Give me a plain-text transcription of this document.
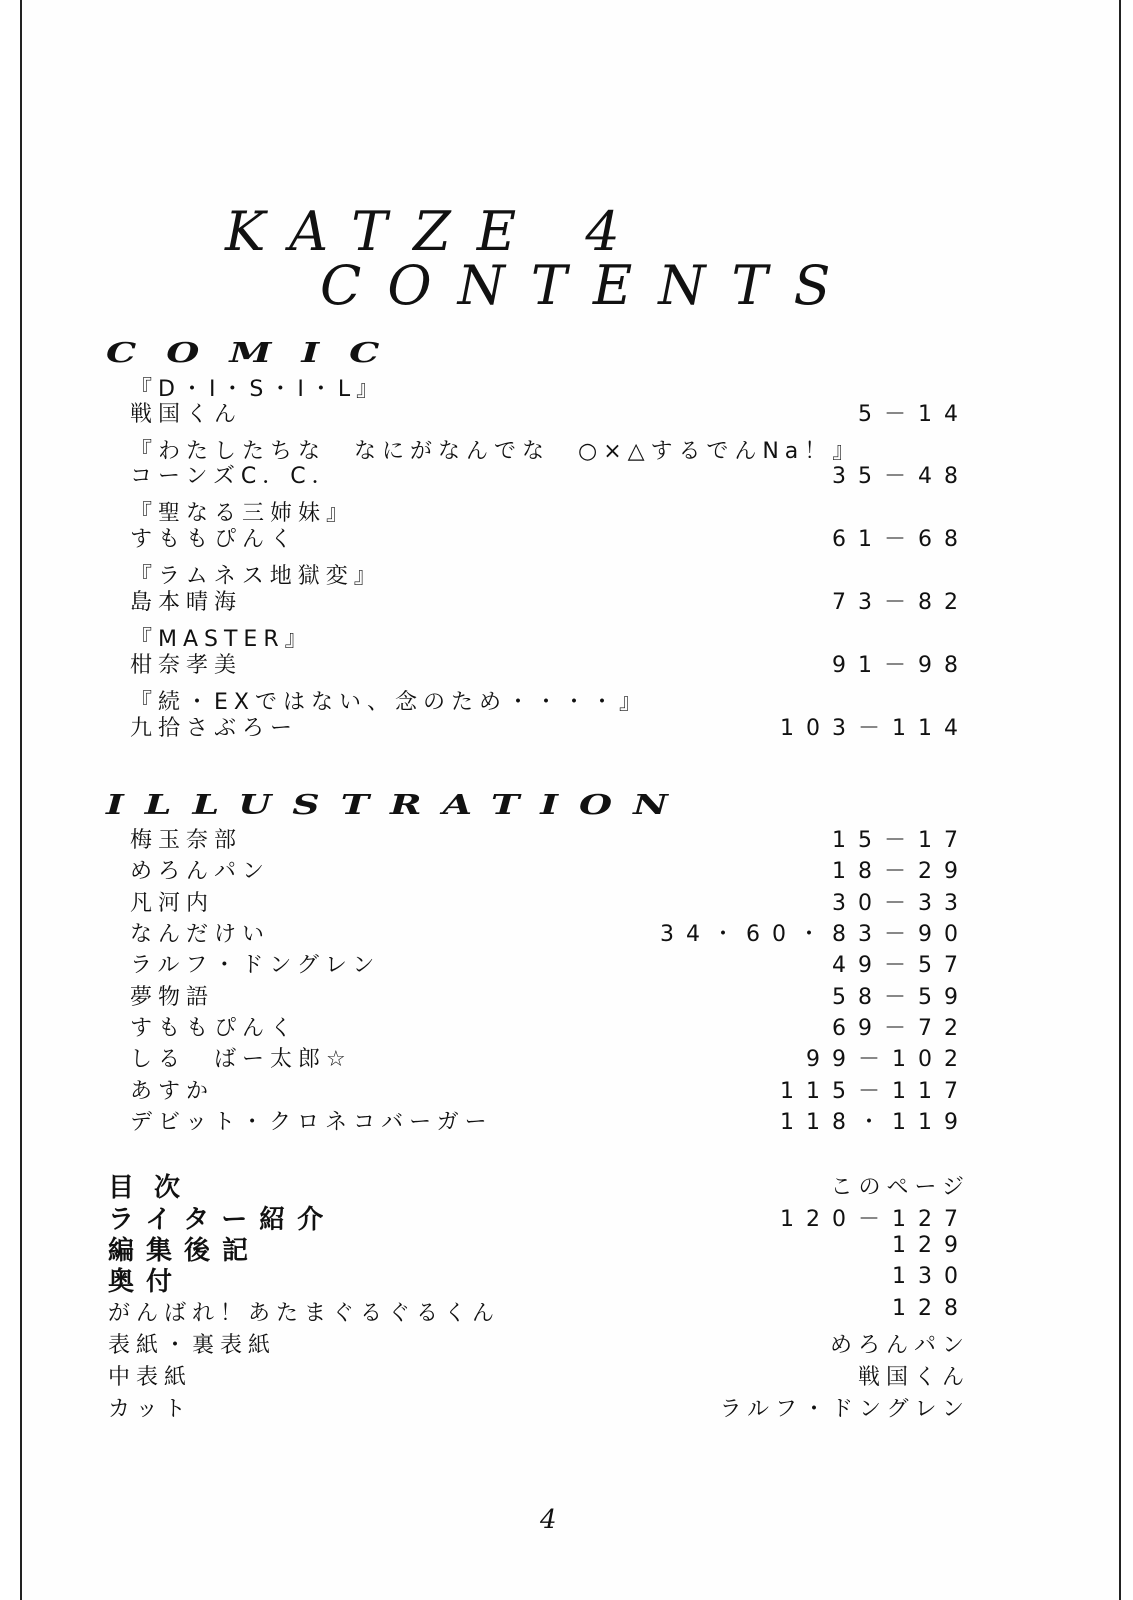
KATZE 4
CONTENTS
COMIC
『D・I・S・I・L』
戦国くん	5－14
『わたしたちな　なにがなんでな　○×△するでんNa！』
コーンズC．C．	35－48
『聖なる三姉妹』
すももぴんく	61－68
『ラムネス地獄変』
島本晴海	73－82
『MASTER』
柑奈孝美	91－98
『続・EXではない、念のため・・・・』
九拾さぶろー	103－114
ILLUSTRATION
梅玉奈部	15－17
めろんパン	18－29
凡河内	30－33
なんだけい	34・60・83－90
ラルフ・ドングレン	49－57
夢物語	58－59
すももぴんく	69－72
しる　ばー太郎☆	99－102
あすか	115－117
デビット・クロネコバーガー	118・119
目次	このページ
ライター紹介	120－127
編集後記	129
奥付	130
がんばれ！あたまぐるぐるくん	128
表紙・裏表紙	めろんパン
中表紙	戦国くん
カット	ラルフ・ドングレン
4
